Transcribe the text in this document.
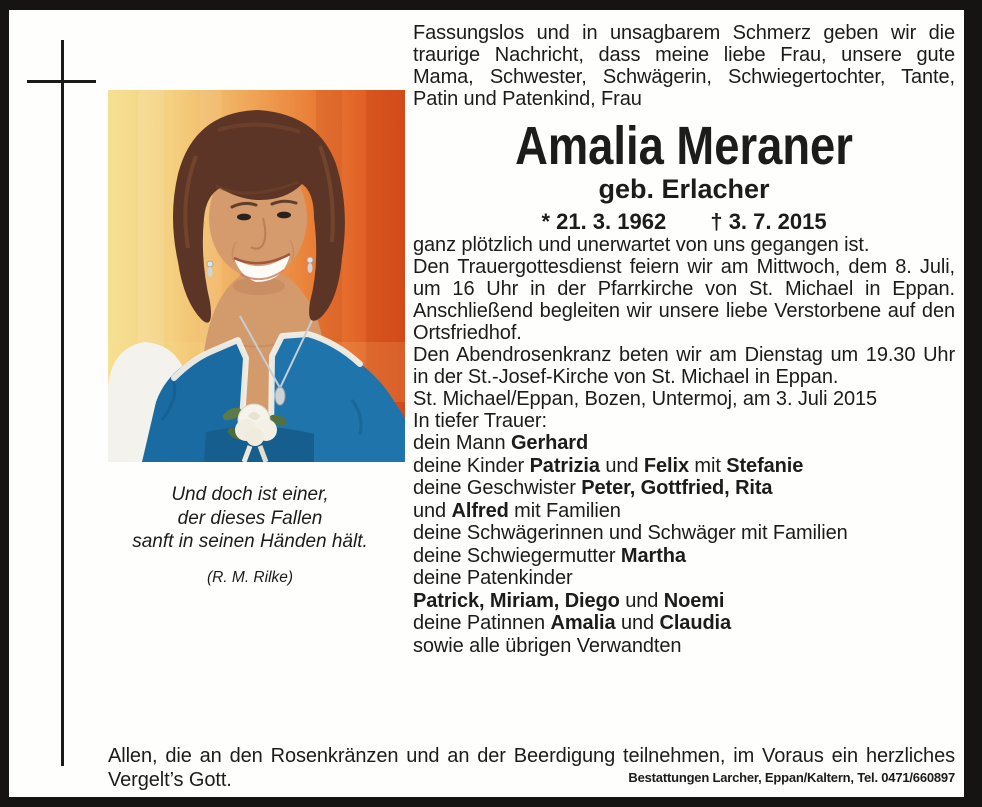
Und doch ist einer,
der dieses Fallen
sanft in seinen Händen hält.
(R. M. Rilke)

Fassungslos und in unsagbarem Schmerz geben wir die traurige Nachricht, dass meine liebe Frau, unsere gute Mama, Schwester, Schwägerin, Schwiegertochter, Tante, Patin und Patenkind, Frau

Amalia Meraner
geb. Erlacher
* 21. 3. 1962 † 3. 7. 2015

ganz plötzlich und unerwartet von uns gegangen ist.

Den Trauergottesdienst feiern wir am Mittwoch, dem 8. Juli, um 16 Uhr in der Pfarrkirche von St. Michael in Eppan. Anschließend begleiten wir unsere liebe Verstorbene auf den Ortsfriedhof.

Den Abendrosenkranz beten wir am Dienstag um 19.30 Uhr in der St.-Josef-Kirche von St. Michael in Eppan.

St. Michael/Eppan, Bozen, Untermoj, am 3. Juli 2015

In tiefer Trauer:

dein Mann Gerhard
deine Kinder Patrizia und Felix mit Stefanie
deine Geschwister Peter, Gottfried, Rita
und Alfred mit Familien
deine Schwägerinnen und Schwäger mit Familien
deine Schwiegermutter Martha
deine Patenkinder
Patrick, Miriam, Diego und Noemi
deine Patinnen Amalia und Claudia
sowie alle übrigen Verwandten
Allen, die an den Rosenkränzen und an der Beerdigung teilnehmen, im Voraus ein herzliches Vergelt’s Gott.	Bestattungen Larcher, Eppan/Kaltern, Tel. 0471/660897
